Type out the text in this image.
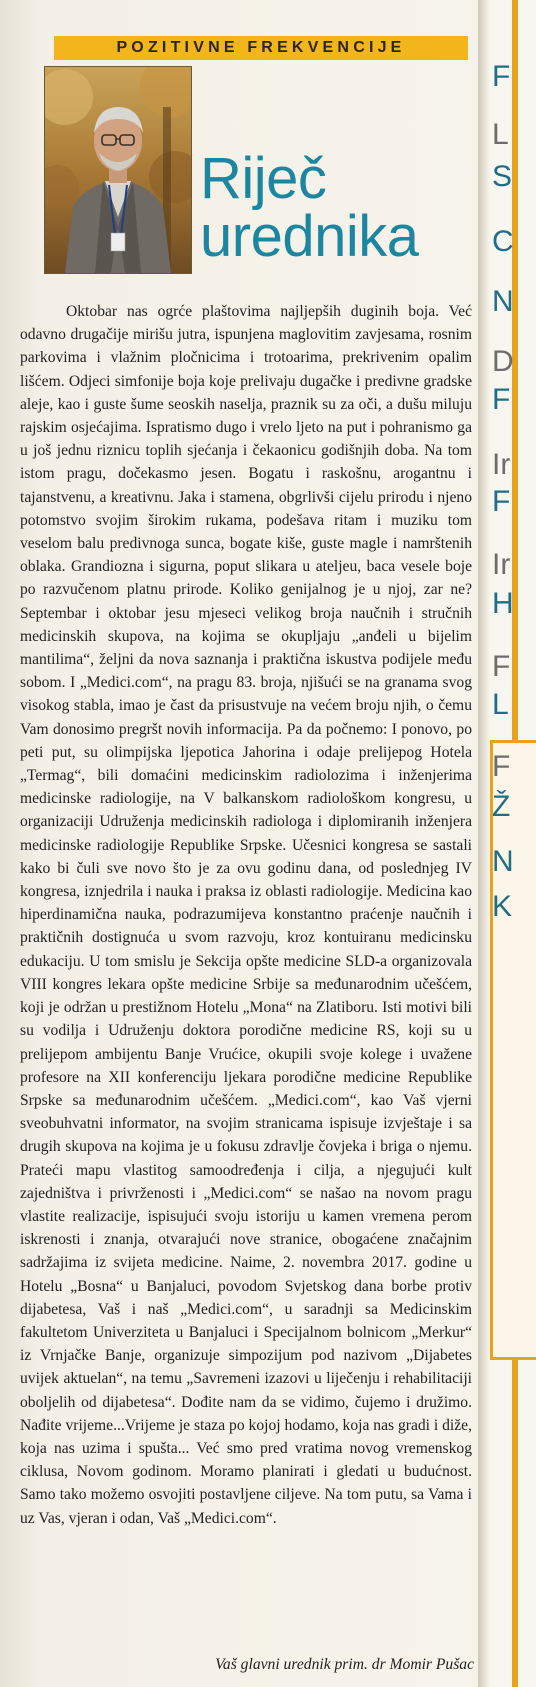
POZITIVNE FREKVENCIJE
Riječ
urednika

Oktobar nas ogrće plaštovima najljepših duginih boja. Već odavno drugačije mirišu jutra, ispunjena maglovitim zavjesama, rosnim parkovima i vlažnim pločnicima i trotoarima, prekrivenim opalim lišćem. Odjeci simfonije boja koje prelivaju dugačke i predivne gradske aleje, kao i guste šume seoskih naselja, praznik su za oči, a dušu miluju rajskim osjećajima. Ispratismo dugo i vrelo ljeto na put i pohranismo ga u još jednu riznicu toplih sjećanja i čekaonicu godišnjih doba. Na tom istom pragu, dočekasmo jesen. Bogatu i raskošnu, arogantnu i tajanstvenu, a kreativnu. Jaka i stamena, obgrlivši cijelu prirodu i njeno potomstvo svojim širokim rukama, podešava ritam i muziku tom veselom balu predivnoga sunca, bogate kiše, guste magle i namrštenih oblaka. Grandiozna i sigurna, poput slikara u ateljeu, baca vesele boje po razvučenom platnu prirode. Koliko genijalnog je u njoj, zar ne? Septembar i oktobar jesu mjeseci velikog broja naučnih i stručnih medicinskih skupova, na kojima se okupljaju „anđeli u bijelim mantilima“, željni da nova saznanja i praktična iskustva podijele među sobom. I „Medici.com“, na pragu 83. broja, njišući se na granama svog visokog stabla, imao je čast da prisustvuje na većem broju njih, o čemu Vam donosimo pregršt novih informacija. Pa da počnemo: I ponovo, po peti put, su olimpijska ljepotica Jahorina i odaje prelijepog Hotela „Termag“, bili domaćini medicinskim radiolozima i inženjerima medicinske radiologije, na V balkanskom radiološkom kongresu, u organizaciji Udruženja medicinskih radiologa i diplomiranih inženjera medicinske radiologije Republike Srpske. Učesnici kongresa se sastali kako bi čuli sve novo što je za ovu godinu dana, od poslednjeg IV kongresa, iznjedrila i nauka i praksa iz oblasti radiologije. Medicina kao hiperdinamična nauka, podrazumijeva konstantno praćenje naučnih i praktičnih dostignuća u svom razvoju, kroz kontuiranu medicinsku edukaciju. U tom smislu je Sekcija opšte medicine SLD-a organizovala VIII kongres lekara opšte medicine Srbije sa međunarodnim učešćem, koji je održan u prestižnom Hotelu „Mona“ na Zlatiboru. Isti motivi bili su vodilja i Udruženju doktora porodične medicine RS, koji su u prelijepom ambijentu Banje Vrućice, okupili svoje kolege i uvažene profesore na XII konferenciju ljekara porodične medicine Republike Srpske sa međunarodnim učešćem. „Medici.com“, kao Vaš vjerni sveobuhvatni informator, na svojim stranicama ispisuje izvještaje i sa drugih skupova na kojima je u fokusu zdravlje čovjeka i briga o njemu. Prateći mapu vlastitog samoodređenja i cilja, a njegujući kult zajedništva i privrženosti i „Medici.com“ se našao na novom pragu vlastite realizacije, ispisujući svoju istoriju u kamen vremena perom iskrenosti i znanja, otvarajući nove stranice, obogaćene značajnim sadržajima iz svijeta medicine. Naime, 2. novembra 2017. godine u Hotelu „Bosna“ u Banjaluci, povodom Svjetskog dana borbe protiv dijabetesa, Vaš i naš „Medici.com“, u saradnji sa Medicinskim fakultetom Univerziteta u Banjaluci i Specijalnom bolnicom „Merkur“ iz Vrnjačke Banje, organizuje simpozijum pod nazivom „Dijabetes uvijek aktuelan“, na temu „Savremeni izazovi u liječenju i rehabilitaciji oboljelih od dijabetesa“. Dođite nam da se vidimo, čujemo i družimo. Nađite vrijeme...Vrijeme je staza po kojoj hodamo, koja nas gradi i diže, koja nas uzima i spušta... Već smo pred vratima novog vremenskog ciklusa, Novom godinom. Moramo planirati i gledati u budućnost. Samo tako možemo osvojiti postavljene ciljeve. Na tom putu, sa Vama i uz Vas, vjeran i odan, Vaš „Medici.com“.

Vaš glavni urednik prim. dr Momir Pušac

F
L
S
C
N
D
F
Ir
F
Ir
H
F
L
F
Ž
N
K
